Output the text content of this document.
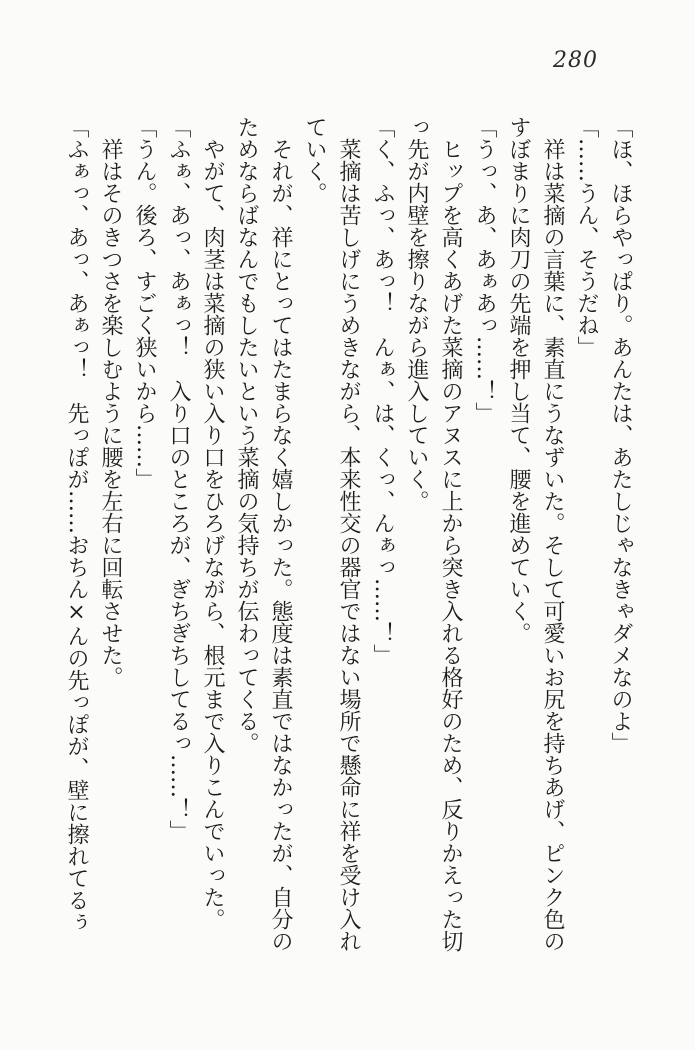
280

「ほ、ほらやっぱり。あんたは、あたしじゃなきゃダメなのよ」

「……うん、そうだね」

　祥は菜摘の言葉に、素直にうなずいた。そして可愛いお尻を持ちあげ、ピンク色の

すぼまりに肉刀の先端を押し当て、腰を進めていく。

「うっ、あ、あぁあっ……！」

　ヒップを高くあげた菜摘のアヌスに上から突き入れる格好のため、反りかえった切

っ先が内壁を擦りながら進入していく。

「く、ふっ、あっ！　んぁ、は、くっ、んぁっ……！」

　菜摘は苦しげにうめきながら、本来性交の器官ではない場所で懸命に祥を受け入れ

ていく。

　それが、祥にとってはたまらなく嬉しかった。態度は素直ではなかったが、自分の

ためならばなんでもしたいという菜摘の気持ちが伝わってくる。

　やがて、肉茎は菜摘の狭い入り口をひろげながら、根元まで入りこんでいった。

「ふぁ、あっ、あぁっ！　入り口のところが、ぎちぎちしてるっ……！」

「うん。後ろ、すごく狭いから……」

　祥はそのきつさを楽しむように腰を左右に回転させた。

「ふぁっ、あっ、あぁっ！　先っぽが……おちん×んの先っぽが、壁に擦れてるぅ
